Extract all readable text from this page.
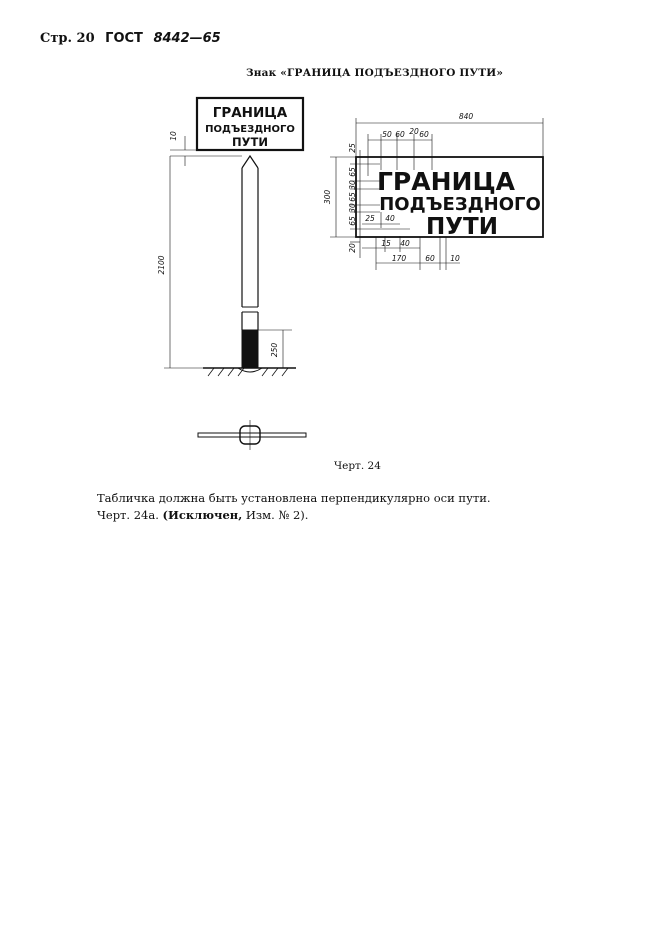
Стр. 20 ГОСТ 8442—65
Знак «ГРАНИЦА ПОДЪЕЗДНОГО ПУТИ»
ГРАНИЦА
ПОДЪЕЗДНОГО
ПУТИ
10
2100
250
ГРАНИЦА
ПОДЪЕЗДНОГО
ПУТИ
840
50 60 20 60
300
25
65
30
65
30
65
20
25 40
15 40
170	60 10
Черт. 24
Табличка должна быть установлена перпендикулярно оси пути.
Черт. 24а. (Исключен, Изм. № 2).
